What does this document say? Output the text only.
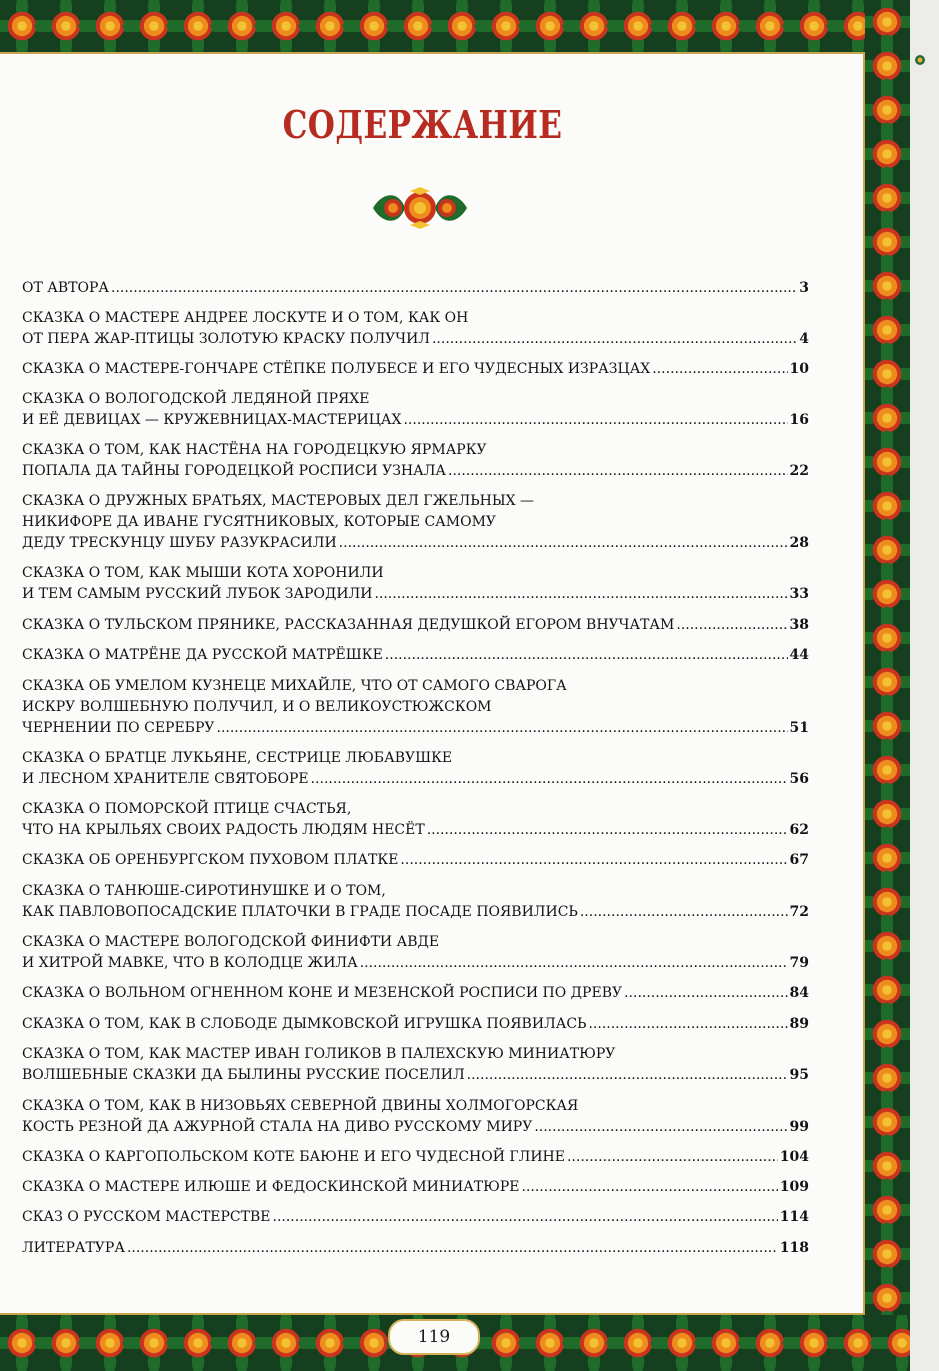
СОДЕРЖАНИЕ
ОТ АВТОРА .....	3
СКАЗКА О МАСТЕРЕ АНДРЕЕ ЛОСКУТЕ И О ТОМ, КАК ОН
ОТ ПЕРА ЖАР-ПТИЦЫ ЗОЛОТУЮ КРАСКУ ПОЛУЧИЛ .....	4
СКАЗКА О МАСТЕРЕ-ГОНЧАРЕ СТЁПКЕ ПОЛУБЕСЕ И ЕГО ЧУДЕСНЫХ ИЗРАЗЦАХ .....	10
СКАЗКА О ВОЛОГОДСКОЙ ЛЕДЯНОЙ ПРЯХЕ
И ЕЁ ДЕВИЦАХ — КРУЖЕВНИЦАХ-МАСТЕРИЦАХ .....	16
СКАЗКА О ТОМ, КАК НАСТЁНА НА ГОРОДЕЦКУЮ ЯРМАРКУ
ПОПАЛА ДА ТАЙНЫ ГОРОДЕЦКОЙ РОСПИСИ УЗНАЛА .....	22
СКАЗКА О ДРУЖНЫХ БРАТЬЯХ, МАСТЕРОВЫХ ДЕЛ ГЖЕЛЬНЫХ —
НИКИФОРЕ ДА ИВАНЕ ГУСЯТНИКОВЫХ, КОТОРЫЕ САМОМУ
ДЕДУ ТРЕСКУНЦУ ШУБУ РАЗУКРАСИЛИ .....	28
СКАЗКА О ТОМ, КАК МЫШИ КОТА ХОРОНИЛИ
И ТЕМ САМЫМ РУССКИЙ ЛУБОК ЗАРОДИЛИ .....	33
СКАЗКА О ТУЛЬСКОМ ПРЯНИКЕ, РАССКАЗАННАЯ ДЕДУШКОЙ ЕГОРОМ ВНУЧАТАМ .....	38
СКАЗКА О МАТРЁНЕ ДА РУССКОЙ МАТРЁШКЕ .....	44
СКАЗКА ОБ УМЕЛОМ КУЗНЕЦЕ МИХАЙЛЕ, ЧТО ОТ САМОГО СВАРОГА
ИСКРУ ВОЛШЕБНУЮ ПОЛУЧИЛ, И О ВЕЛИКОУСТЮЖСКОМ
ЧЕРНЕНИИ ПО СЕРЕБРУ .....	51
СКАЗКА О БРАТЦЕ ЛУКЬЯНЕ, СЕСТРИЦЕ ЛЮБАВУШКЕ
И ЛЕСНОМ ХРАНИТЕЛЕ СВЯТОБОРЕ .....	56
СКАЗКА О ПОМОРСКОЙ ПТИЦЕ СЧАСТЬЯ,
ЧТО НА КРЫЛЬЯХ СВОИХ РАДОСТЬ ЛЮДЯМ НЕСЁТ .....	62
СКАЗКА ОБ ОРЕНБУРГСКОМ ПУХОВОМ ПЛАТКЕ .....	67
СКАЗКА О ТАНЮШЕ-СИРОТИНУШКЕ И О ТОМ,
КАК ПАВЛОВОПОСАДСКИЕ ПЛАТОЧКИ В ГРАДЕ ПОСАДЕ ПОЯВИЛИСЬ .....	72
СКАЗКА О МАСТЕРЕ ВОЛОГОДСКОЙ ФИНИФТИ АВДЕ
И ХИТРОЙ МАВКЕ, ЧТО В КОЛОДЦЕ ЖИЛА .....	79
СКАЗКА О ВОЛЬНОМ ОГНЕННОМ КОНЕ И МЕЗЕНСКОЙ РОСПИСИ ПО ДРЕВУ .....	84
СКАЗКА О ТОМ, КАК В СЛОБОДЕ ДЫМКОВСКОЙ ИГРУШКА ПОЯВИЛАСЬ .....	89
СКАЗКА О ТОМ, КАК МАСТЕР ИВАН ГОЛИКОВ В ПАЛЕХСКУЮ МИНИАТЮРУ
ВОЛШЕБНЫЕ СКАЗКИ ДА БЫЛИНЫ РУССКИЕ ПОСЕЛИЛ .....	95
СКАЗКА О ТОМ, КАК В НИЗОВЬЯХ СЕВЕРНОЙ ДВИНЫ ХОЛМОГОРСКАЯ
КОСТЬ РЕЗНОЙ ДА АЖУРНОЙ СТАЛА НА ДИВО РУССКОМУ МИРУ .....	99
СКАЗКА О КАРГОПОЛЬСКОМ КОТЕ БАЮНЕ И ЕГО ЧУДЕСНОЙ ГЛИНЕ .....	104
СКАЗКА О МАСТЕРЕ ИЛЮШЕ И ФЕДОСКИНСКОЙ МИНИАТЮРЕ .....	109
СКАЗ О РУССКОМ МАСТЕРСТВЕ .....	114
ЛИТЕРАТУРА .....	118
119
